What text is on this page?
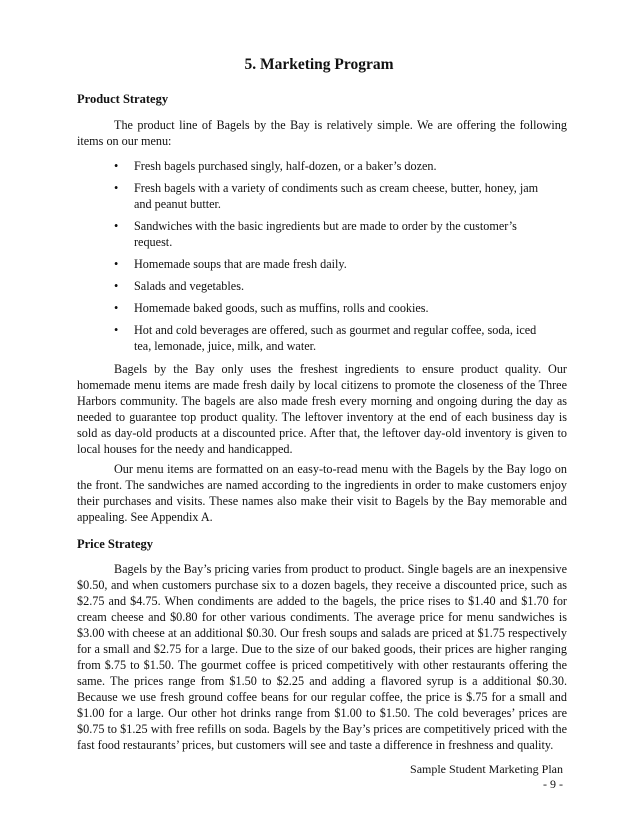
5. Marketing Program
Product Strategy

The product line of Bagels by the Bay is relatively simple. We are offering the following items on our menu:

• Fresh bagels purchased singly, half-dozen, or a baker’s dozen.
• Fresh bagels with a variety of condiments such as cream cheese, butter, honey, jam and peanut butter.
• Sandwiches with the basic ingredients but are made to order by the customer’s request.
• Homemade soups that are made fresh daily.
• Salads and vegetables.
• Homemade baked goods, such as muffins, rolls and cookies.
• Hot and cold beverages are offered, such as gourmet and regular coffee, soda, iced tea, lemonade, juice, milk, and water.

Bagels by the Bay only uses the freshest ingredients to ensure product quality. Our homemade menu items are made fresh daily by local citizens to promote the closeness of the Three Harbors community. The bagels are also made fresh every morning and ongoing during the day as needed to guarantee top product quality. The leftover inventory at the end of each business day is sold as day-old products at a discounted price. After that, the leftover day-old inventory is given to local houses for the needy and handicapped.

Our menu items are formatted on an easy-to-read menu with the Bagels by the Bay logo on the front. The sandwiches are named according to the ingredients in order to make customers enjoy their purchases and visits. These names also make their visit to Bagels by the Bay memorable and appealing. See Appendix A.

Price Strategy

Bagels by the Bay’s pricing varies from product to product. Single bagels are an inexpensive $0.50, and when customers purchase six to a dozen bagels, they receive a discounted price, such as $2.75 and $4.75. When condiments are added to the bagels, the price rises to $1.40 and $1.70 for cream cheese and $0.80 for other various condiments. The average price for menu sandwiches is $3.00 with cheese at an additional $0.30. Our fresh soups and salads are priced at $1.75 respectively for a small and $2.75 for a large. Due to the size of our baked goods, their prices are higher ranging from $.75 to $1.50. The gourmet coffee is priced competitively with other restaurants offering the same. The prices range from $1.50 to $2.25 and adding a flavored syrup is a additional $0.30. Because we use fresh ground coffee beans for our regular coffee, the price is $.75 for a small and $1.00 for a large. Our other hot drinks range from $1.00 to $1.50. The cold beverages’ prices are $0.75 to $1.25 with free refills on soda. Bagels by the Bay’s prices are competitively priced with the fast food restaurants’ prices, but customers will see and taste a difference in freshness and quality.

Sample Student Marketing Plan
- 9 -
